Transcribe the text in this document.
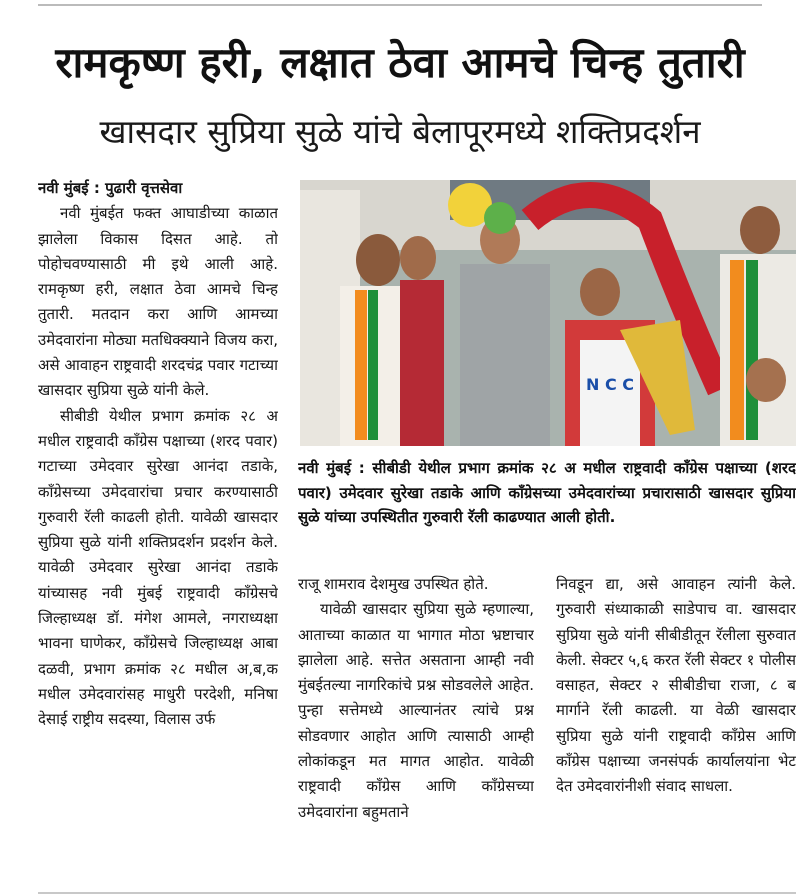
रामकृष्ण हरी, लक्षात ठेवा आमचे चिन्ह तुतारी
खासदार सुप्रिया सुळे यांचे बेलापूरमध्ये शक्तिप्रदर्शन

नवी मुंबई : पुढारी वृत्तसेवा

नवी मुंबईत फक्त आघाडीच्या काळात झालेला विकास दिसत आहे. तो पोहोचवण्यासाठी मी इथे आली आहे. रामकृष्ण हरी, लक्षात ठेवा आमचे चिन्ह तुतारी. मतदान करा आणि आमच्या उमेदवारांना मोठ्या मतधिक्क्याने विजय करा, असे आवाहन राष्ट्रवादी शरदचंद्र पवार गटाच्या खासदार सुप्रिया सुळे यांनी केले.

सीबीडी येथील प्रभाग क्रमांक २८ अ मधील राष्ट्रवादी काँग्रेस पक्षाच्या (शरद पवार) गटाच्या उमेदवार सुरेखा आनंदा तडाके, काँग्रेसच्या उमेदवारांचा प्रचार करण्यासाठी गुरुवारी रॅली काढली होती. यावेळी खासदार सुप्रिया सुळे यांनी शक्तिप्रदर्शन प्रदर्शन केले. यावेळी उमेदवार सुरेखा आनंदा तडाके यांच्यासह नवी मुंबई राष्ट्रवादी काँग्रेसचे जिल्हाध्यक्ष डॉ. मंगेश आमले, नगराध्यक्षा भावना घाणेकर, काँग्रेसचे जिल्हाध्यक्ष आबा दळवी, प्रभाग क्रमांक २८ मधील अ,ब,क मधील उमेदवारांसह माधुरी परदेशी, मनिषा देसाई राष्ट्रीय सदस्या, विलास उर्फ

N C C
नवी मुंबई : सीबीडी येथील प्रभाग क्रमांक २८ अ मधील राष्ट्रवादी काँग्रेस पक्षाच्या (शरद पवार) उमेदवार सुरेखा तडाके आणि काँग्रेसच्या उमेदवारांच्या प्रचारासाठी खासदार सुप्रिया सुळे यांच्या उपस्थितीत गुरुवारी रॅली काढण्यात आली होती.

राजू शामराव देशमुख उपस्थित होते.

यावेळी खासदार सुप्रिया सुळे म्हणाल्या, आताच्या काळात या भागात मोठा भ्रष्टाचार झालेला आहे. सत्तेत असताना आम्ही नवी मुंबईतल्या नागरिकांचे प्रश्न सोडवलेले आहेत. पुन्हा सत्तेमध्ये आल्यानंतर त्यांचे प्रश्न सोडवणार आहोत आणि त्यासाठी आम्ही लोकांकडून मत मागत आहोत. यावेळी राष्ट्रवादी काँग्रेस आणि काँग्रेसच्या उमेदवारांना बहुमताने

निवडून द्या, असे आवाहन त्यांनी केले. गुरुवारी संध्याकाळी साडेपाच वा. खासदार सुप्रिया सुळे यांनी सीबीडीतून रॅलीला सुरुवात केली. सेक्टर ५,६ करत रॅली सेक्टर १ पोलीस वसाहत, सेक्टर २ सीबीडीचा राजा, ८ ब मार्गाने रॅली काढली. या वेळी खासदार सुप्रिया सुळे यांनी राष्ट्रवादी काँग्रेस आणि काँग्रेस पक्षाच्या जनसंपर्क कार्यालयांना भेट देत उमेदवारांनीशी संवाद साधला.
